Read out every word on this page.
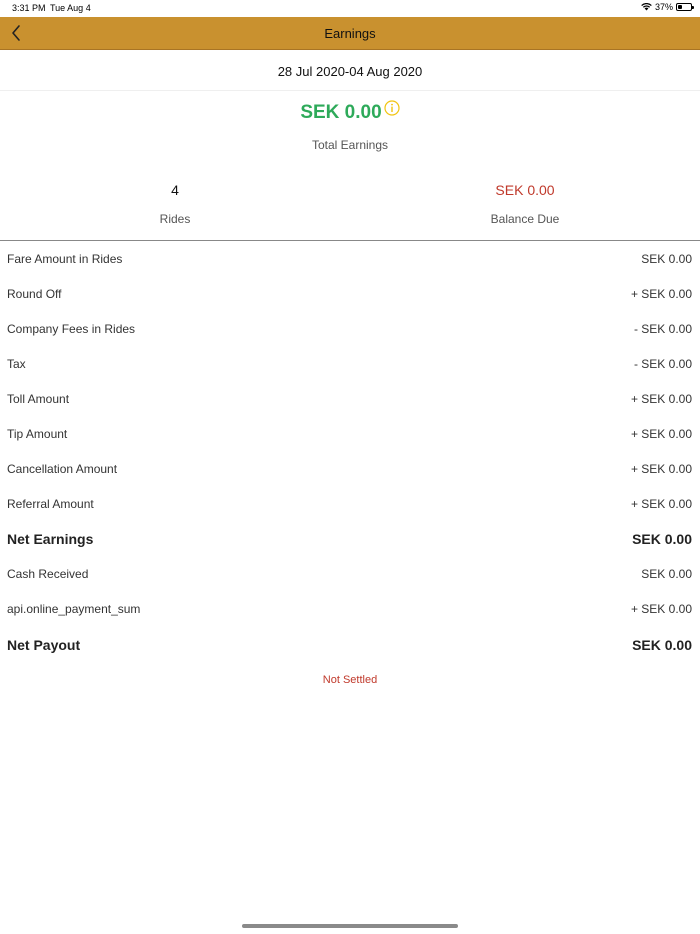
3:31 PM Tue Aug 4	37%
Earnings
28 Jul 2020-04 Aug 2020
SEK 0.00
Total Earnings
4
Rides
SEK 0.00
Balance Due
Fare Amount in Rides	SEK 0.00
Round Off	+ SEK 0.00
Company Fees in Rides	- SEK 0.00
Tax	- SEK 0.00
Toll Amount	+ SEK 0.00
Tip Amount	+ SEK 0.00
Cancellation Amount	+ SEK 0.00
Referral Amount	+ SEK 0.00
Net Earnings	SEK 0.00
Cash Received	SEK 0.00
api.online_payment_sum	+ SEK 0.00
Net Payout	SEK 0.00
Not Settled
